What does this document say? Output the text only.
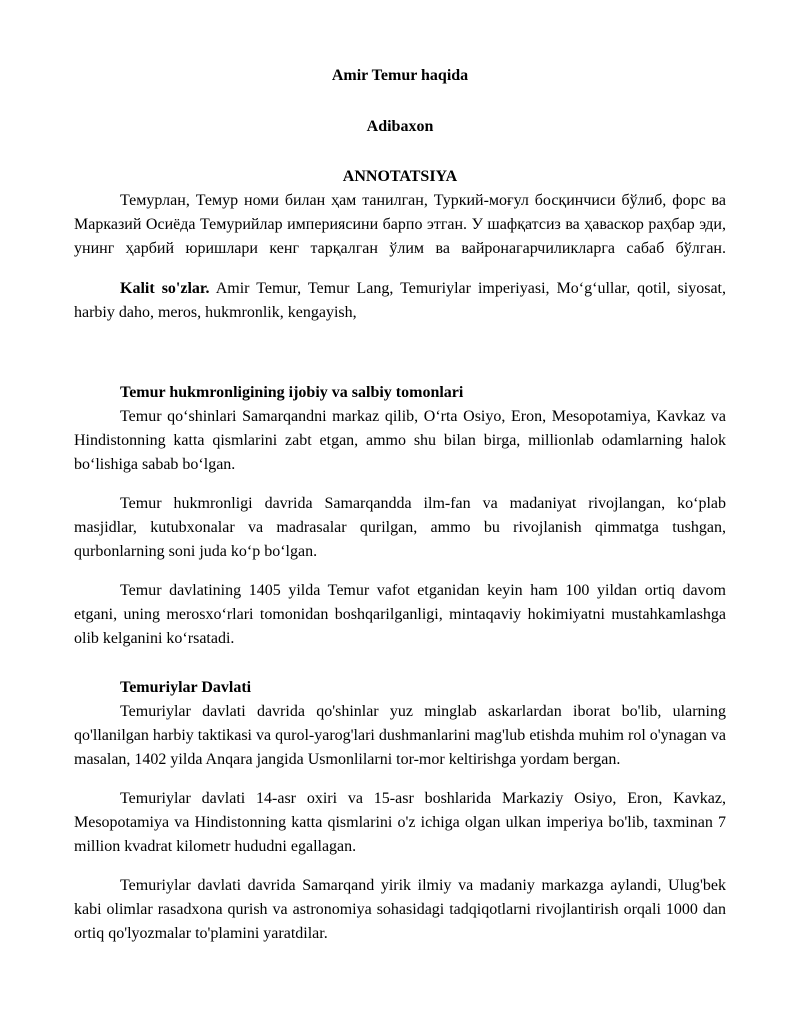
Amir Temur haqida
Adibaxon
ANNOTATSIYA

Темурлан, Темур номи билан ҳам танилган, Туркий-моғул босқинчиси бўлиб, форс ва Марказий Осиёда Темурийлар империясини барпо этган. У шафқатсиз ва ҳаваскор раҳбар эди, унинг ҳарбий юришлари кенг тарқалган ўлим ва вайронагарчиликларга сабаб бўлган.

Kalit so'zlar. Amir Temur, Temur Lang, Temuriylar imperiyasi, Moʻgʻullar, qotil, siyosat, harbiy daho, meros, hukmronlik, kengayish,

Temur hukmronligining ijobiy va salbiy tomonlari

Temur qoʻshinlari Samarqandni markaz qilib, Oʻrta Osiyo, Eron, Mesopotamiya, Kavkaz va Hindistonning katta qismlarini zabt etgan, ammo shu bilan birga, millionlab odamlarning halok boʻlishiga sabab boʻlgan.

Temur hukmronligi davrida Samarqandda ilm-fan va madaniyat rivojlangan, koʻplab masjidlar, kutubxonalar va madrasalar qurilgan, ammo bu rivojlanish qimmatga tushgan, qurbonlarning soni juda koʻp boʻlgan.

Temur davlatining 1405 yilda Temur vafot etganidan keyin ham 100 yildan ortiq davom etgani, uning merosxoʻrlari tomonidan boshqarilganligi, mintaqaviy hokimiyatni mustahkamlashga olib kelganini koʻrsatadi.

Temuriylar Davlati

Temuriylar davlati davrida qo'shinlar yuz minglab askarlardan iborat bo'lib, ularning qo'llanilgan harbiy taktikasi va qurol-yarog'lari dushmanlarini mag'lub etishda muhim rol o'ynagan va masalan, 1402 yilda Anqara jangida Usmonlilarni tor-mor keltirishga yordam bergan.

Temuriylar davlati 14-asr oxiri va 15-asr boshlarida Markaziy Osiyo, Eron, Kavkaz, Mesopotamiya va Hindistonning katta qismlarini o'z ichiga olgan ulkan imperiya bo'lib, taxminan 7 million kvadrat kilometr hududni egallagan.

Temuriylar davlati davrida Samarqand yirik ilmiy va madaniy markazga aylandi, Ulug'bek kabi olimlar rasadxona qurish va astronomiya sohasidagi tadqiqotlarni rivojlantirish orqali 1000 dan ortiq qo'lyozmalar to'plamini yaratdilar.
